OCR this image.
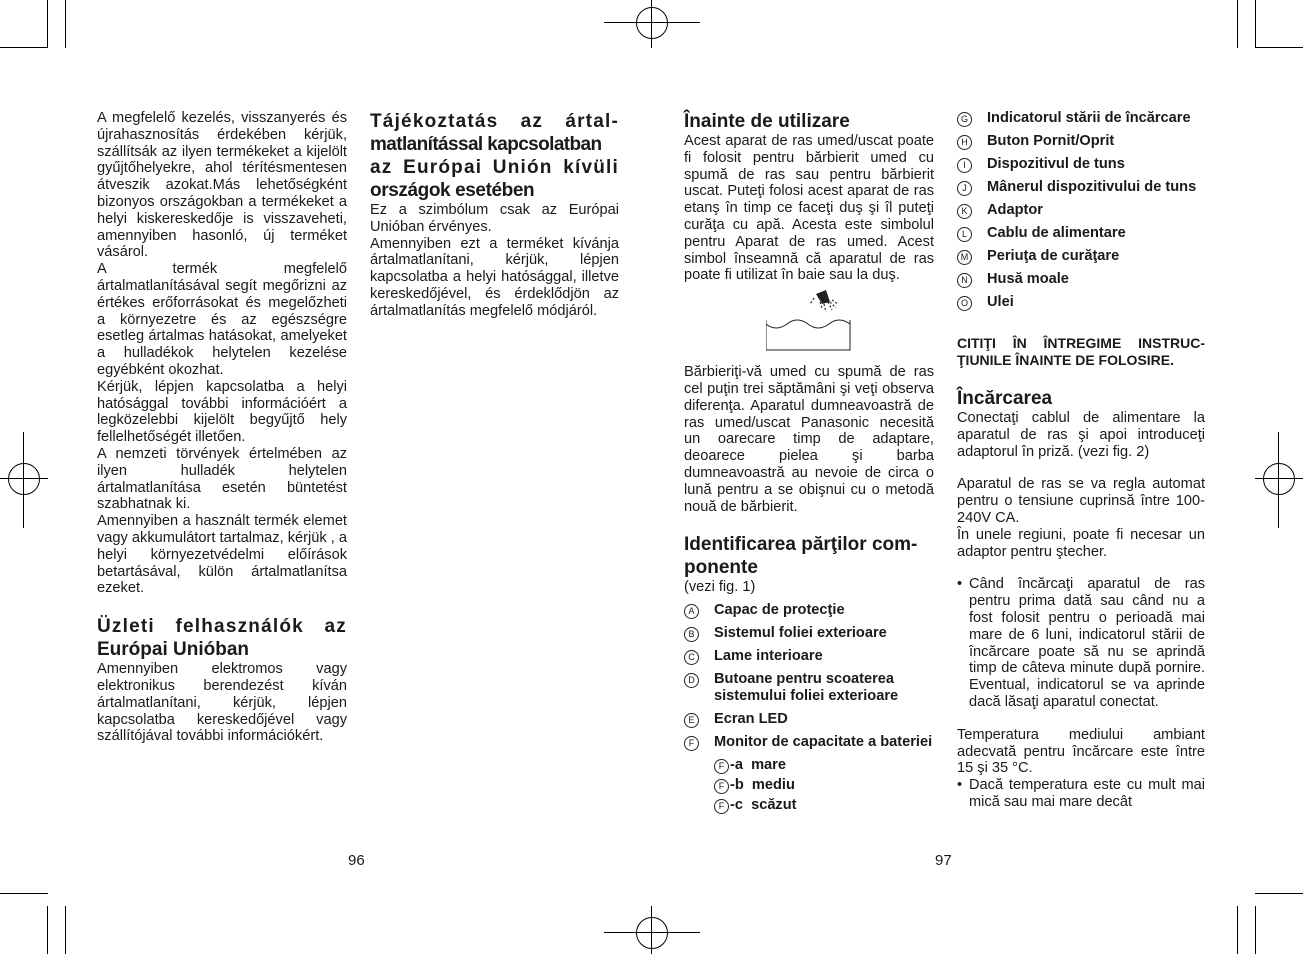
A megfelelő kezelés, visszanyerés és újrahasznosítás érdekében kérjük, szállítsák az ilyen termékeket a kijelölt gyűjtőhelyekre, ahol térítésmentesen átveszik azokat.Más lehetőségként bizonyos országokban a termékeket a helyi kiskereskedője is visszaveheti, amennyiben hasonló, új terméket vásárol.

A termék megfelelő ártalmatlanításával segít megőrizni az értékes erőforrásokat és megelőzheti a környezetre és az egészségre esetleg ártalmas hatásokat, amelyeket a hulladékok helytelen kezelése egyébként okozhat.

Kérjük, lépjen kapcsolatba a helyi hatósággal további információért a legközelebbi kijelölt begyűjtő hely fellelhetőségét illetően.

A nemzeti törvények értelmében az ilyen hulladék helytelen ártalmatlanítása esetén büntetést szabhatnak ki.

Amennyiben a használt termék elemet vagy akkumulátort tartalmaz, kérjük , a helyi környezetvédelmi előírások betartásával, külön ártalmatlanítsa ezeket.

Üzleti felhasználók az
Európai Unióban

Amennyiben elektromos vagy elektronikus berendezést kíván ártalmatlanítani, kérjük, lépjen kapcsolatba kereskedőjével vagy szállítójával további információkért.

Tájékoztatás az ártal-
matlanítással kapcsolatban
az Európai Unión kívüli
országok esetében

Ez a szimbólum csak az Európai Unióban érvényes.

Amennyiben ezt a terméket kívánja ártalmatlanítani, kérjük, lépjen kapcsolatba a helyi hatósággal, illetve kereskedőjével, és érdeklődjön az ártalmatlanítás megfelelő módjáról.

96
Înainte de utilizare

Acest aparat de ras umed/uscat poate fi folosit pentru bărbierit umed cu spumă de ras sau pentru bărbierit uscat. Puteţi folosi acest aparat de ras etanş în timp ce faceţi duş şi îl puteţi curăţa cu apă. Acesta este simbolul pentru Aparat de ras umed. Acest simbol înseamnă că aparatul de ras poate fi utilizat în baie sau la duş.

Bărbieriţi-vă umed cu spumă de ras cel puţin trei săptămâni şi veţi observa diferenţa. Aparatul dumneavoastră de ras umed/uscat Panasonic necesită un oarecare timp de adaptare, deoarece pielea şi barba dumneavoastră au nevoie de circa o lună pentru a se obişnui cu o metodă nouă de bărbierit.

Identificarea părţilor com-
ponente

(vezi fig. 1)

A	Capac de protecţie
B	Sistemul foliei exterioare
C Lame interioare
D Butoane pentru scoaterea sistemului foliei exterioare
E	Ecran LED
F	Monitor de capacitate a bateriei
F -a  mare
F -b  mediu
F -c  scăzut
G Indicatorul stării de încărcare
H Buton Pornit/Oprit
I	Dispozitivul de tuns
J	Mânerul dispozitivului de tuns
K	Adaptor
L	Cablu de alimentare
M Periuţa de curăţare
N Husă moale
O Ulei
CITIŢI ÎN ÎNTREGIME INSTRUC-ŢIUNILE ÎNAINTE DE FOLOSIRE.
Încărcarea

Conectaţi cablul de alimentare la aparatul de ras şi apoi introduceţi adaptorul în priză. (vezi fig. 2)

Aparatul de ras se va regla automat pentru o tensiune cuprinsă între 100-240V CA.

În unele regiuni, poate fi necesar un adaptor pentru ştecher.

• Când încărcaţi aparatul de ras pentru prima dată sau când nu a fost folosit pentru o perioadă mai mare de 6 luni, indicatorul stării de încărcare poate să nu se aprindă timp de câteva minute după pornire. Eventual, indicatorul se va aprinde dacă lăsaţi aparatul conectat.

Temperatura mediului ambiant adecvată pentru încărcare este între 15 şi 35 °C.

• Dacă temperatura este cu mult mai mică sau mai mare decât

97
